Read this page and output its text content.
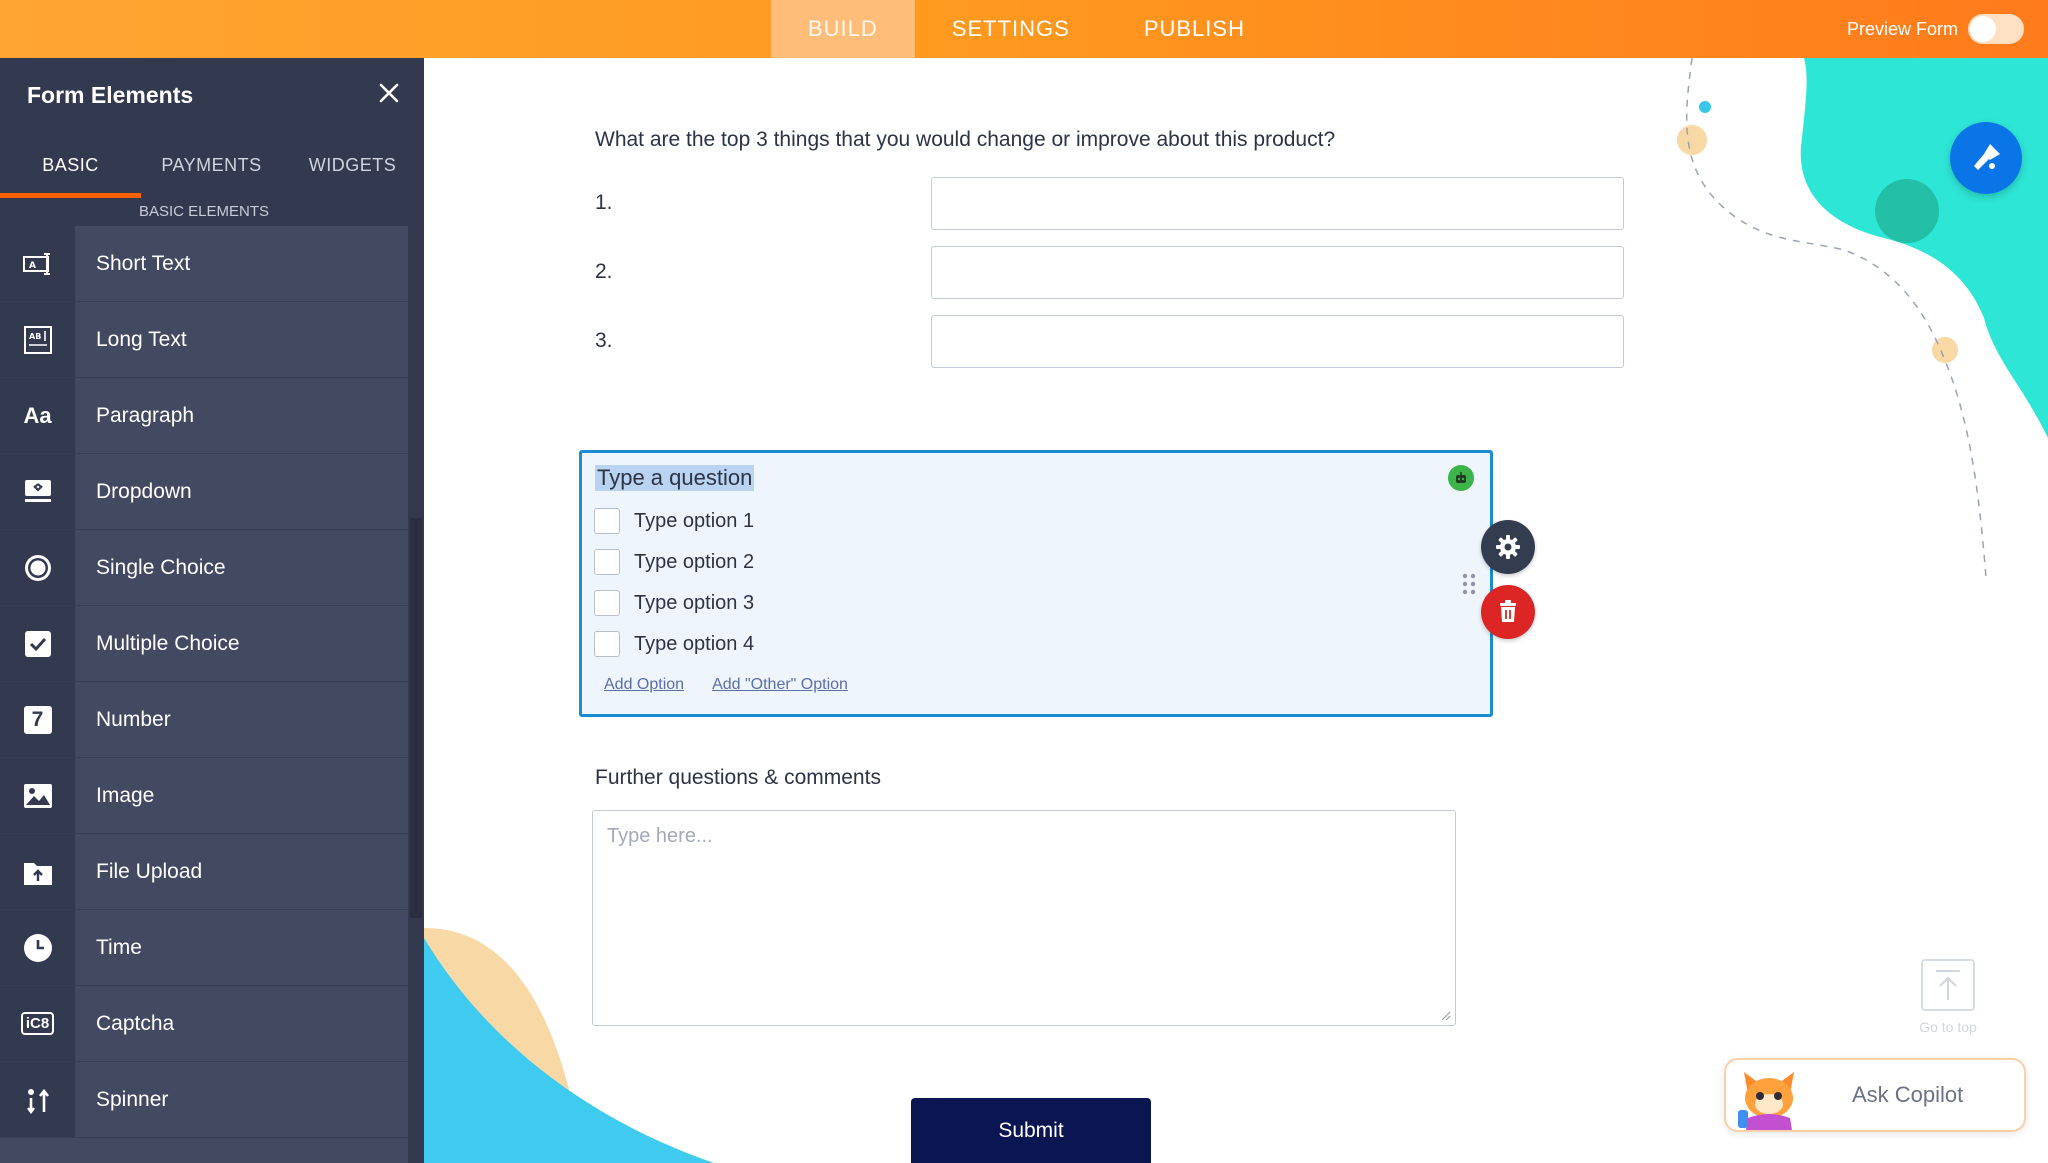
BUILD	SETTINGS	PUBLISH	Preview Form
Form Elements
BASIC	PAYMENTS	WIDGETS
BASIC ELEMENTS
A	Short Text
AB	Long Text
Aa	Paragraph
Dropdown
Single Choice
Multiple Choice
7	Number
Image
File Upload
Time
iC8	Captcha
Spinner
What are the top 3 things that you would change or improve about this product?
1.
2.
3.
Type a question
Type option 1
Type option 2
Type option 3
Type option 4
Add Option Add "Other" Option
Further questions & comments
Type here...
Submit
Go to top
Ask Copilot
